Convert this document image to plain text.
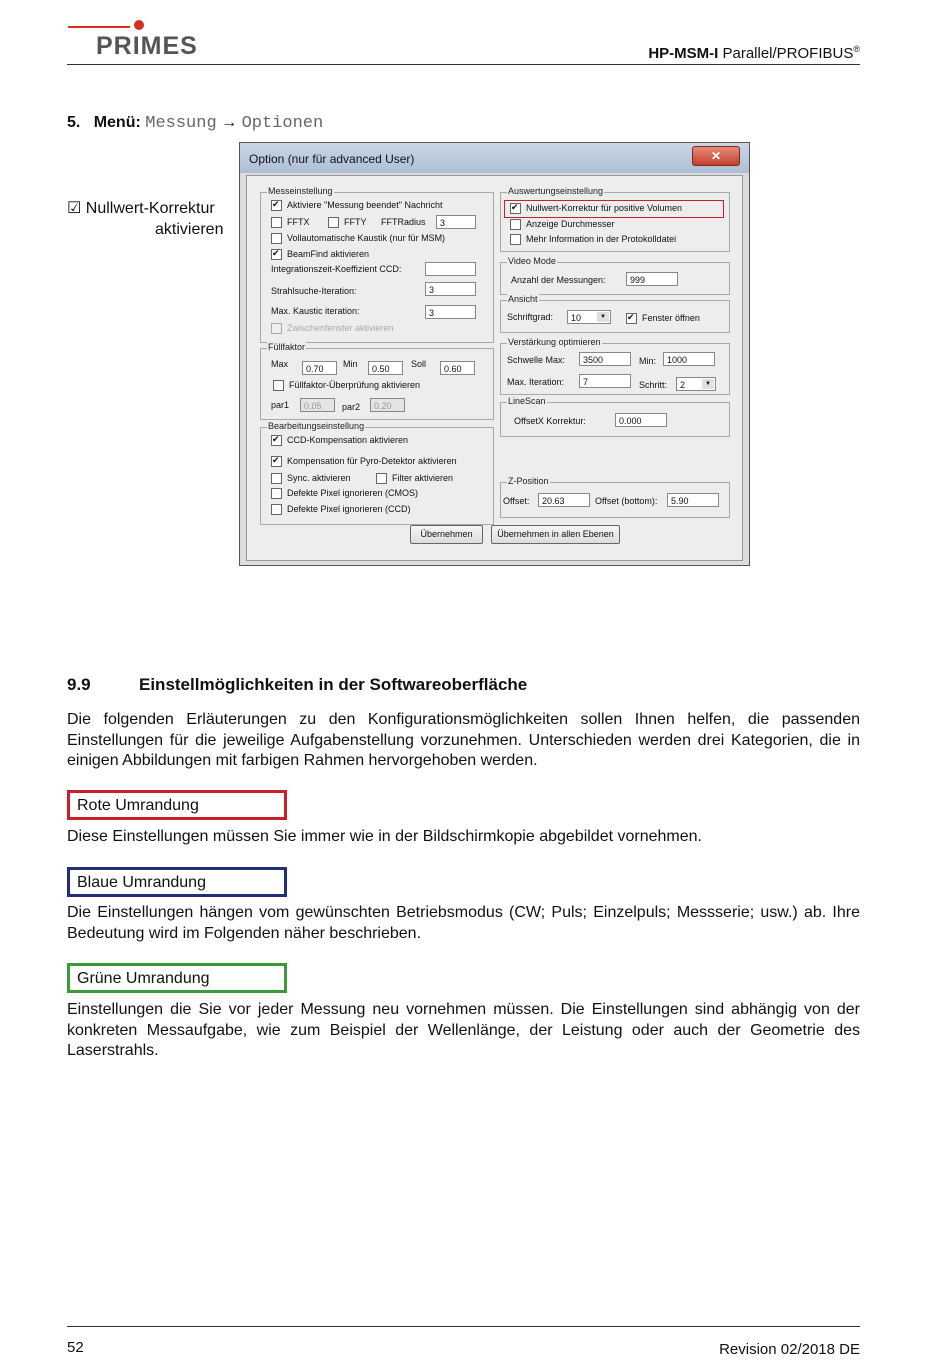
PRIMES	HP-MSM-I Parallel/PROFIBUS®
5. Menü: Messung → Optionen
☑ Nullwert-Korrektur
aktivieren
Option (nur für advanced User)	✕
Messeinstellung
✔Aktiviere "Messung beendet" Nachricht
FFTX	FFTY FFTRadius	3
Vollautomatische Kaustik (nur für MSM)
✔BeamFind aktivieren
Integrationszeit-Koeffizient CCD:
Strahlsuche-Iteration:	3
Max. Kaustic iteration:	3
Zwischenfenster aktivieren
Füllfaktor
Max	0.70	Min	0.50	Soll	0.60
Füllfaktor-Überprüfung aktivieren
par1	0.05	par2	0.20
Bearbeitungseinstellung
✔CCD-Kompensation aktivieren
✔Kompensation für Pyro-Detektor aktivieren
Sync. aktivieren	Filter aktivieren
Defekte Pixel ignorieren (CMOS)
Defekte Pixel ignorieren (CCD)
Auswertungseinstellung
✔Nullwert-Korrektur für positive Volumen
Anzeige Durchmesser
Mehr Information in der Protokolldatei
Video Mode
Anzahl der Messungen:	999
Ansicht
Schriftgrad:	10	▼ ✔	Fenster öffnen
Verstärkung optimieren
Schwelle Max:	3500	Min:	1000
Max. Iteration:	7	Schritt:	2	▼
LineScan
OffsetX Korrektur:	0.000
Z-Position
Offset:	20.63	Offset (bottom):	5.90
Übernehmen	Übernehmen in allen Ebenen
9.9	Einstellmöglichkeiten in der Softwareoberfläche
Die folgenden Erläuterungen zu den Konfigurationsmöglichkeiten sollen Ihnen helfen, die passenden Einstellungen für die jeweilige Aufgabenstellung vorzunehmen. Unterschieden werden drei Kategorien, die in einigen Abbildungen mit farbigen Rahmen hervorgehoben werden.
Rote Umrandung
Diese Einstellungen müssen Sie immer wie in der Bildschirmkopie abgebildet vornehmen.
Blaue Umrandung
Die Einstellungen hängen vom gewünschten Betriebsmodus (CW; Puls; Einzelpuls; Messserie; usw.) ab. Ihre Bedeutung wird im Folgenden näher beschrieben.
Grüne Umrandung
Einstellungen die Sie vor jeder Messung neu vornehmen müssen. Die Einstellungen sind abhängig von der konkreten Messaufgabe, wie zum Beispiel der Wellenlänge, der Leistung oder auch der Geometrie des Laserstrahls.
52	Revision 02/2018 DE
